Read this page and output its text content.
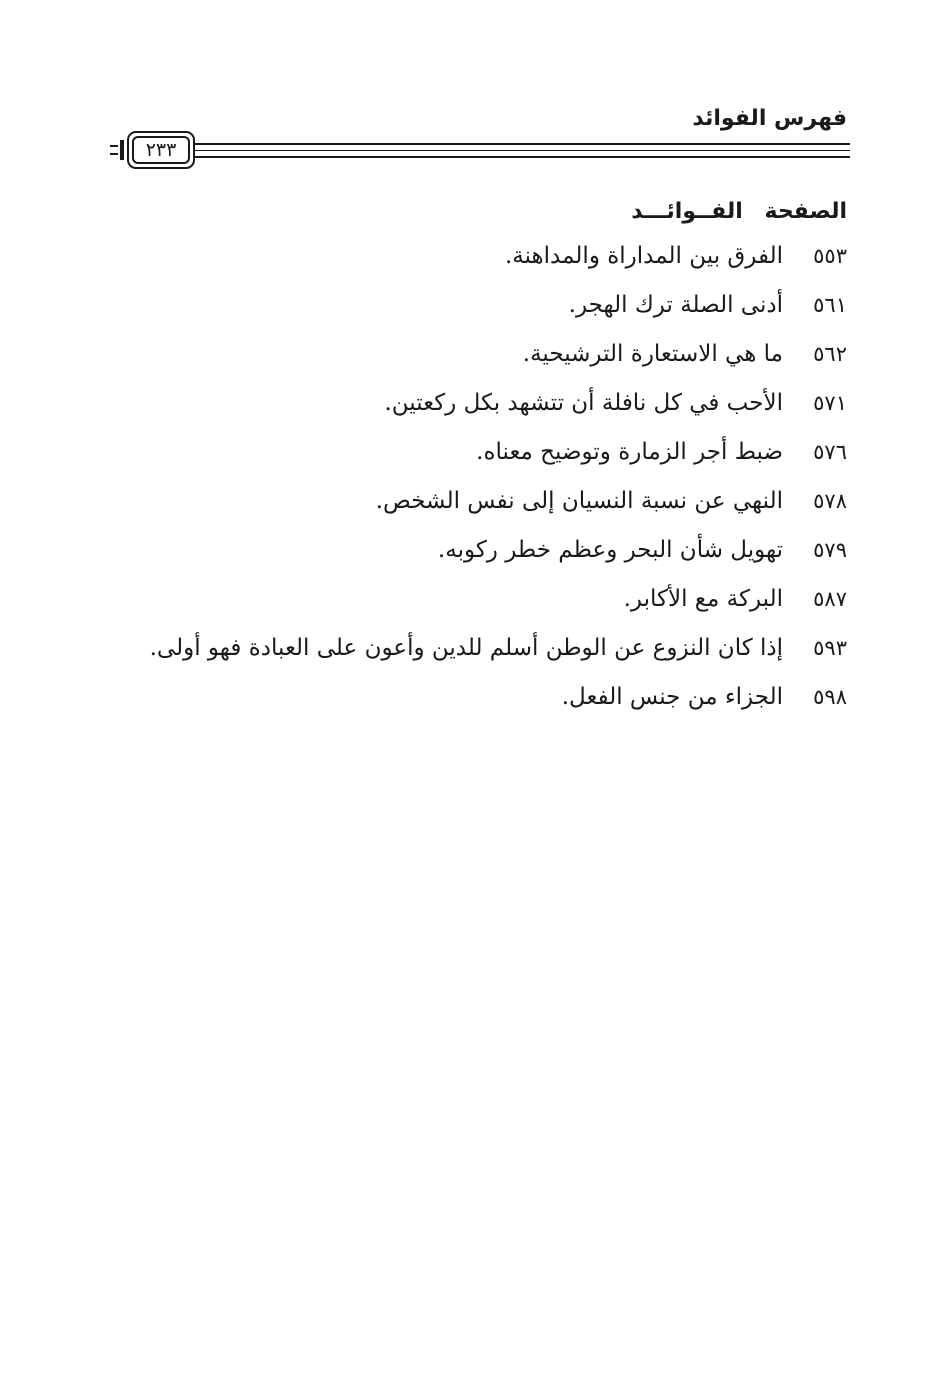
فهرس الفوائد
٢٣٣
الصفحة الفــوائـــد
٥٥٣
الفرق بين المداراة والمداهنة.
٥٦١
أدنى الصلة ترك الهجر.
٥٦٢
ما هي الاستعارة الترشيحية.
٥٧١
الأحب في كل نافلة أن تتشهد بكل ركعتين.
٥٧٦
ضبط أجر الزمارة وتوضيح معناه.
٥٧٨
النهي عن نسبة النسيان إلى نفس الشخص.
٥٧٩
تهويل شأن البحر وعظم خطر ركوبه.
٥٨٧
البركة مع الأكابر.
٥٩٣
إذا كان النزوع عن الوطن أسلم للدين وأعون على العبادة فهو أولى.
٥٩٨
الجزاء من جنس الفعل.
